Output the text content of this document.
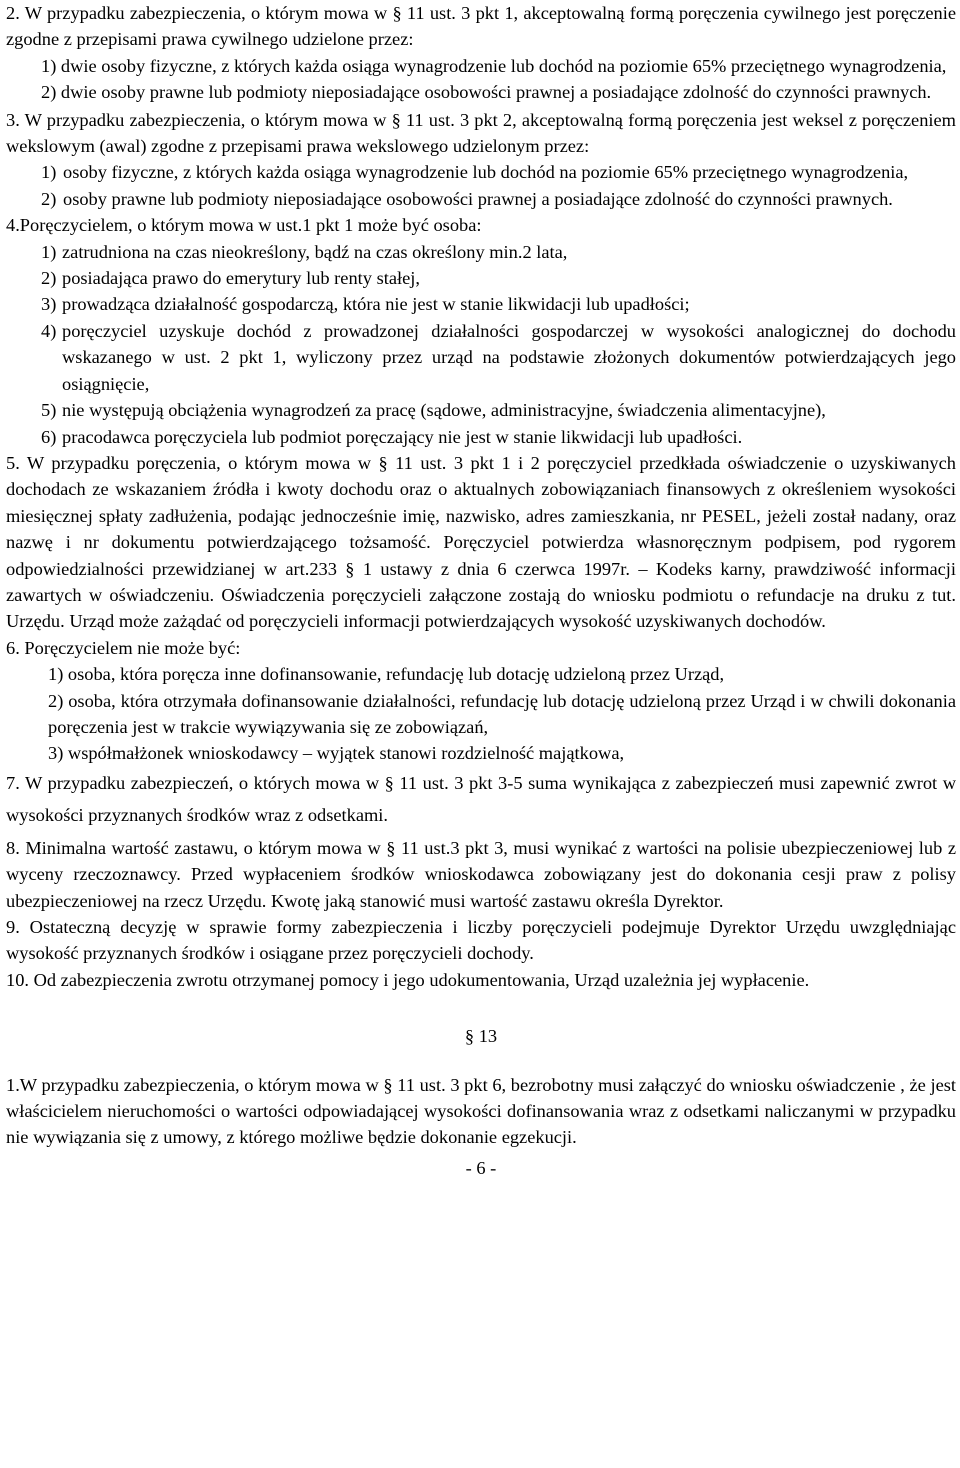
2. W przypadku zabezpieczenia, o którym mowa w § 11 ust. 3 pkt 1, akceptowalną formą poręczenia cywilnego jest poręczenie zgodne z przepisami prawa cywilnego udzielone przez:

1) dwie osoby fizyczne, z których każda osiąga wynagrodzenie lub dochód na poziomie 65% przeciętnego wynagrodzenia,

2) dwie osoby prawne lub podmioty nieposiadające osobowości prawnej a posiadające zdolność do czynności prawnych.

3. W przypadku zabezpieczenia, o którym mowa w § 11 ust. 3 pkt 2, akceptowalną formą poręczenia jest weksel z poręczeniem wekslowym (awal) zgodne z przepisami prawa wekslowego udzielonym przez:

1) osoby fizyczne, z których każda osiąga wynagrodzenie lub dochód na poziomie 65% przeciętnego wynagrodzenia,
2) osoby prawne lub podmioty nieposiadające osobowości prawnej a posiadające zdolność do czynności prawnych.

4.Poręczycielem, o którym mowa w ust.1 pkt 1 może być osoba:

1) zatrudniona na czas nieokreślony, bądź na czas określony min.2 lata,
2) posiadająca prawo do emerytury lub renty stałej,
3) prowadząca działalność gospodarczą, która nie jest w stanie likwidacji lub upadłości;
4) poręczyciel uzyskuje dochód z prowadzonej działalności gospodarczej w wysokości analogicznej do dochodu wskazanego w ust. 2 pkt 1, wyliczony przez urząd na podstawie złożonych dokumentów potwierdzających jego osiągnięcie,
5) nie występują obciążenia wynagrodzeń za pracę (sądowe, administracyjne, świadczenia alimentacyjne),
6) pracodawca poręczyciela lub podmiot poręczający nie jest w stanie likwidacji lub upadłości.

5. W przypadku poręczenia, o którym mowa w § 11 ust. 3 pkt 1 i 2 poręczyciel przedkłada oświadczenie o uzyskiwanych dochodach ze wskazaniem źródła i kwoty dochodu oraz o aktualnych zobowiązaniach finansowych z określeniem wysokości miesięcznej spłaty zadłużenia, podając jednocześnie imię, nazwisko, adres zamieszkania, nr PESEL, jeżeli został nadany, oraz nazwę i nr dokumentu potwierdzającego tożsamość. Poręczyciel potwierdza własnoręcznym podpisem, pod rygorem odpowiedzialności przewidzianej w art.233 § 1 ustawy z dnia 6 czerwca 1997r. – Kodeks karny, prawdziwość informacji zawartych w oświadczeniu. Oświadczenia poręczycieli załączone zostają do wniosku podmiotu o refundacje na druku z tut. Urzędu. Urząd może zażądać od poręczycieli informacji potwierdzających wysokość uzyskiwanych dochodów.

6. Poręczycielem nie może być:

1) osoba, która poręcza inne dofinansowanie, refundację lub dotację udzieloną przez Urząd,

2) osoba, która otrzymała dofinansowanie działalności, refundację lub dotację udzieloną przez Urząd i w chwili dokonania poręczenia jest w trakcie wywiązywania się ze zobowiązań,

3) współmałżonek wnioskodawcy – wyjątek stanowi rozdzielność majątkowa,

7. W przypadku zabezpieczeń, o których mowa w § 11 ust. 3 pkt 3-5 suma wynikająca z zabezpieczeń musi zapewnić zwrot w wysokości przyznanych środków wraz z odsetkami.

8. Minimalna wartość zastawu, o którym mowa w § 11 ust.3 pkt 3, musi wynikać z wartości na polisie ubezpieczeniowej lub z wyceny rzeczoznawcy. Przed wypłaceniem środków wnioskodawca zobowiązany jest do dokonania cesji praw z polisy ubezpieczeniowej na rzecz Urzędu. Kwotę jaką stanowić musi wartość zastawu określa Dyrektor.

9. Ostateczną decyzję w sprawie formy zabezpieczenia i liczby poręczycieli podejmuje Dyrektor Urzędu uwzględniając wysokość przyznanych środków i osiągane przez poręczycieli dochody.

10. Od zabezpieczenia zwrotu otrzymanej pomocy i jego udokumentowania, Urząd uzależnia jej wypłacenie.

§ 13

1.W przypadku zabezpieczenia, o którym mowa w § 11 ust. 3 pkt 6, bezrobotny musi załączyć do wniosku oświadczenie , że jest właścicielem nieruchomości o wartości odpowiadającej wysokości dofinansowania wraz z odsetkami naliczanymi w przypadku nie wywiązania się z umowy, z którego możliwe będzie dokonanie egzekucji.

- 6 -
